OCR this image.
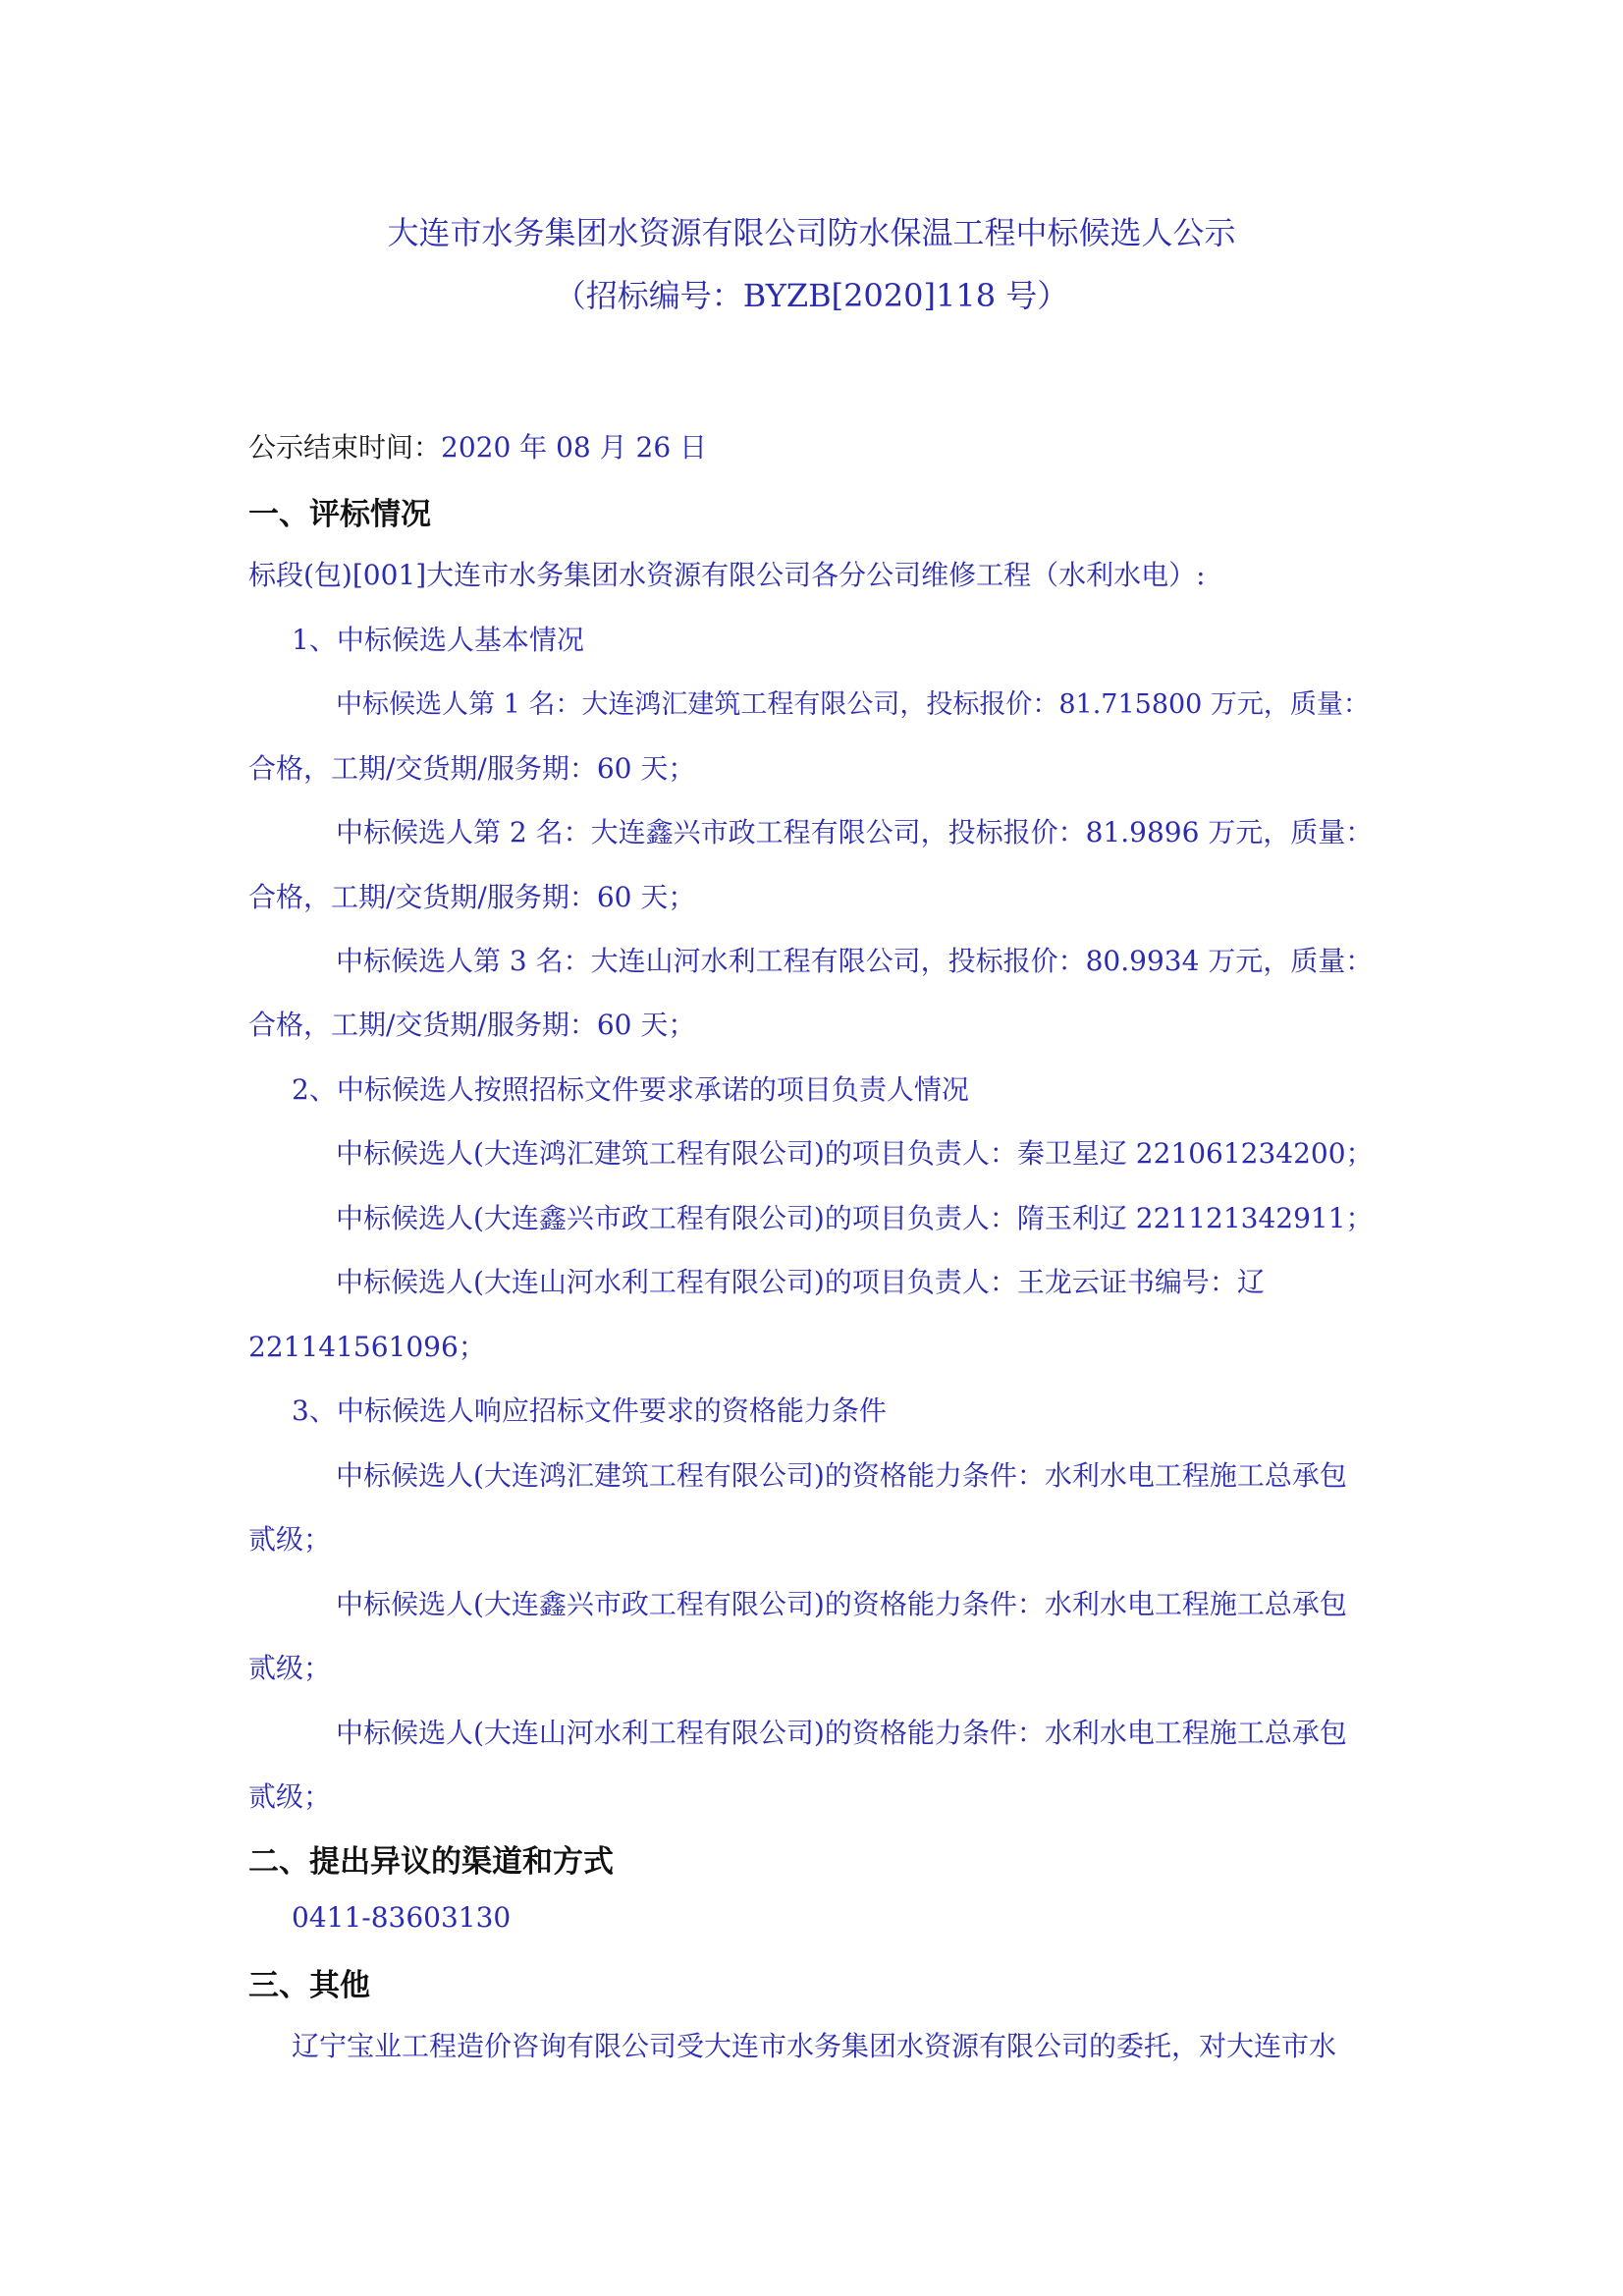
大连市水务集团水资源有限公司防水保温工程中标候选人公示
（招标编号：BYZB[2020]118 号）
公示结束时间：2020 年 08 月 26 日
一、评标情况
标段(包)[001]大连市水务集团水资源有限公司各分公司维修工程（水利水电）:
1、中标候选人基本情况
中标候选人第 1 名：大连鸿汇建筑工程有限公司，投标报价：81.715800 万元，质量：
合格，工期/交货期/服务期：60 天；
中标候选人第 2 名：大连鑫兴市政工程有限公司，投标报价：81.9896 万元，质量：
合格，工期/交货期/服务期：60 天；
中标候选人第 3 名：大连山河水利工程有限公司，投标报价：80.9934 万元，质量：
合格，工期/交货期/服务期：60 天；
2、中标候选人按照招标文件要求承诺的项目负责人情况
中标候选人(大连鸿汇建筑工程有限公司)的项目负责人：秦卫星辽 221061234200；
中标候选人(大连鑫兴市政工程有限公司)的项目负责人：隋玉利辽 221121342911；
中标候选人(大连山河水利工程有限公司)的项目负责人：王龙云证书编号：辽
221141561096；
3、中标候选人响应招标文件要求的资格能力条件
中标候选人(大连鸿汇建筑工程有限公司)的资格能力条件：水利水电工程施工总承包
贰级；
中标候选人(大连鑫兴市政工程有限公司)的资格能力条件：水利水电工程施工总承包
贰级；
中标候选人(大连山河水利工程有限公司)的资格能力条件：水利水电工程施工总承包
贰级；
二、提出异议的渠道和方式
0411-83603130
三、其他
辽宁宝业工程造价咨询有限公司受大连市水务集团水资源有限公司的委托，对大连市水
